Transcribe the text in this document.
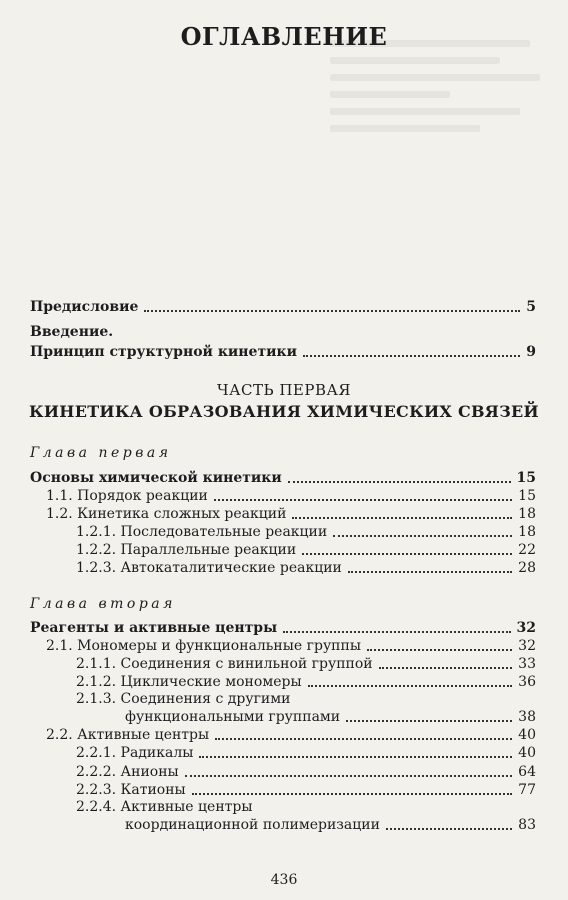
ОГЛАВЛЕНИЕ
Предисловие	5
Введение.
Принцип структурной кинетики	9
ЧАСТЬ ПЕРВАЯ
КИНЕТИКА ОБРАЗОВАНИЯ ХИМИЧЕСКИХ СВЯЗЕЙ
Глава первая
Основы химической кинетики	15
1.1. Порядок реакции	15
1.2. Кинетика сложных реакций	18
1.2.1. Последовательные реакции	18
1.2.2. Параллельные реакции	22
1.2.3. Автокаталитические реакции	28
Глава вторая
Реагенты и активные центры	32
2.1. Мономеры и функциональные группы	32
2.1.1. Соединения с винильной группой	33
2.1.2. Циклические мономеры	36
2.1.3. Соединения с другими
функциональными группами	38
2.2. Активные центры	40
2.2.1. Радикалы	40
2.2.2. Анионы	64
2.2.3. Катионы	77
2.2.4. Активные центры
координационной полимеризации	83
436
